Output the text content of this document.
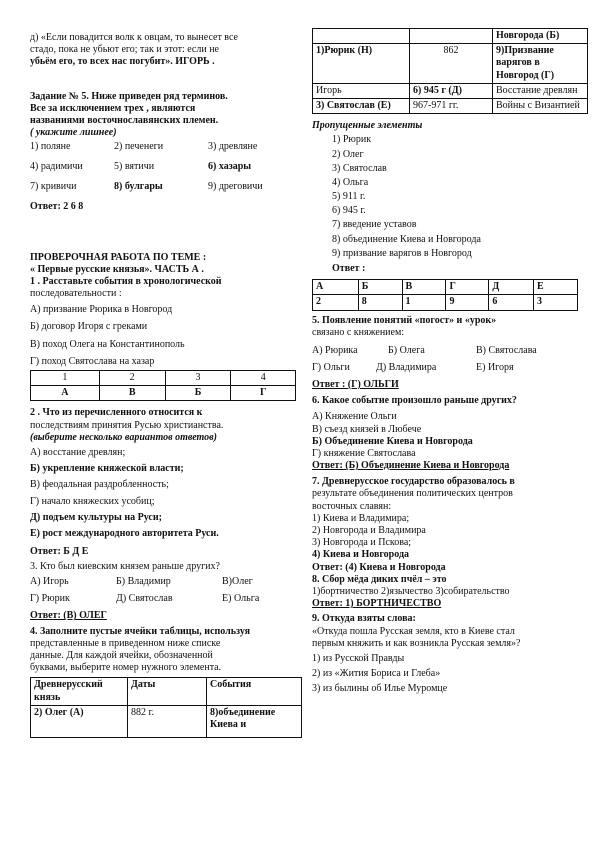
д) «Если повадится волк к овцам, то вынесет все

стадо, пока не убьют его; так и этот: если не

убьём его, то всех нас погубит». ИГОРЬ .

Задание № 5. Ниже приведен ряд терминов.

Все за исключением трех , являются

названиями восточнославянских племен.

( укажите лишнее)

1) поляне	2) печенеги	3) древляне
4) радимичи	5) вятичи	6) хазары
7) кривичи	8) булгары	9) дреговичи

Ответ: 2 6 8

ПРОВЕРОЧНАЯ РАБОТА ПО ТЕМЕ :

« Первые русские князья». ЧАСТЬ А .

1 . Расставьте события в хронологической

последовательности :

А) призвание Рюрика в Новгород

Б) договор Игоря с греками

В) поход Олега на Константинополь

Г) поход Святослава на хазар

1	2	3	4
А	В	Б	Г

2 . Что из перечисленного относится к

последствиям принятия Русью христианства.

(выберите несколько вариантов ответов)

А) восстание древлян;

Б) укрепление княжеской власти;

В) феодальная раздробленность;

Г) начало княжеских усобиц;

Д) подъем культуры на Руси;

Е) рост международного авторитета Руси.

Ответ: Б Д Е

3. Кто был киевским князем раньше других?

А) Игорь	Б) Владимир	В)Олег
Г) Рюрик	Д) Святослав	Е) Ольга

Ответ: (В) ОЛЕГ

4. Заполните пустые ячейки таблицы, используя

представленные в приведенном ниже списке

данные. Для каждой ячейки, обозначенной

буквами, выберите номер нужного элемента.

Древнерусский князь	Даты	События
2) Олег (А)	882 г.	8)объединение Киева и
		Новгорода (Б)
1)Рюрик (Н)	862	9)Призвание варягов в Новгород (Г)
Игорь	6) 945 г (Д)	Восстание древлян
3) Святослав (Е)	967-971 гг.	Войны с Византией

Пропущенные элементы

1) Рюрик

2) Олег

3) Святослав

4) Ольга

5) 911 г.

6) 945 г.

7) введение уставов

8) объединение Киева и Новгорода

9) призвание варягов в Новгород

Ответ :

А	Б	В	Г	Д	Е
2	8	1	9	6	3

5. Появление понятий «погост» и «урок»

связано с княжением:

А) Рюрика	Б) Олега	В) Святослава
Г) Ольги	Д) Владимира	Е) Игоря

Ответ : (Г) ОЛЬГИ

6. Какое событие произошло раньше других?

А) Княжение Ольги

В) съезд князей в Любече

Б) Объединение Киева и Новгорода

Г) княжение Святослава

Ответ: (Б) Объединение Киева и Новгорода

7. Древнерусское государство образовалось в

результате объединения политических центров

восточных славян:

1) Киева и Владимира;

2) Новгорода и Владимира

3) Новгорода и Пскова;

4) Киева и Новгорода

Ответ: (4) Киева и Новгорода

8. Сбор мёда диких пчёл – это

1)бортничество 2)язычество 3)собирательство

Ответ: 1) БОРТНИЧЕСТВО

9. Откуда взяты слова:

«Откуда пошла Русская земля, кто в Киеве стал

первым княжить и как возникла Русская земля»?

1) из Русской Правды

2) из «Жития Бориса и Глеба»

3) из былины об Илье Муромце
